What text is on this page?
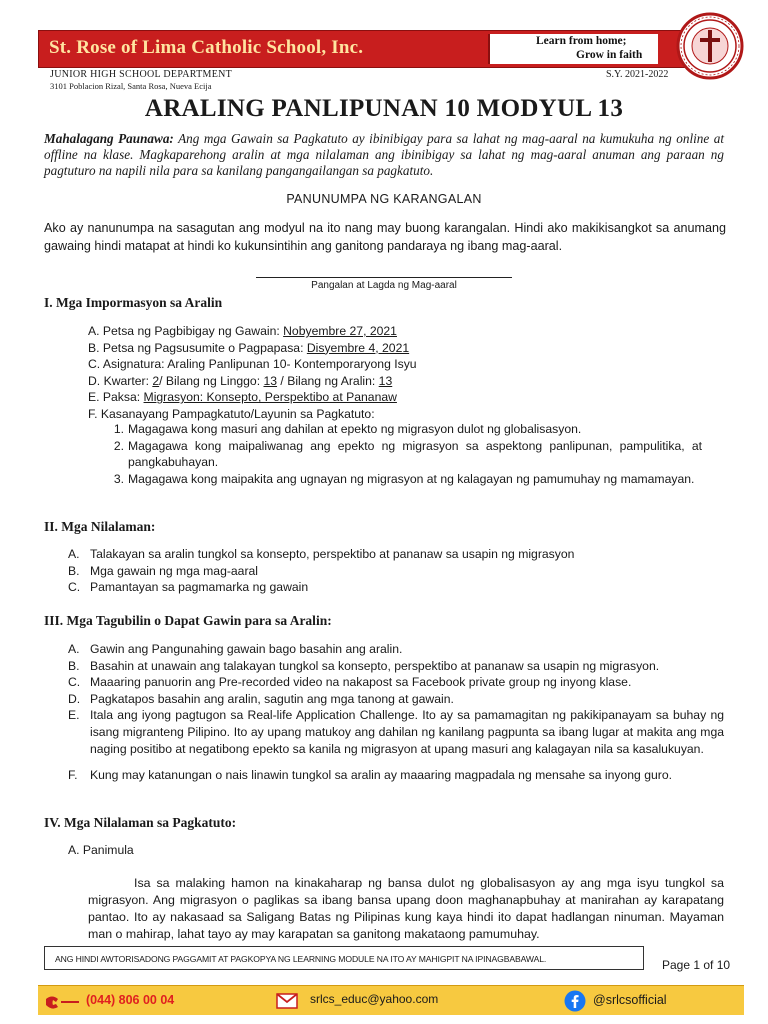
St. Rose of Lima Catholic School, Inc.	Learn from home;
Grow in faith
JUNIOR HIGH SCHOOL DEPARTMENT
3101 Poblacion Rizal, Santa Rosa, Nueva Ecija
S.Y. 2021-2022
ARALING PANLIPUNAN 10 MODYUL 13
Mahalagang Paunawa: Ang mga Gawain sa Pagkatuto ay ibinibigay para sa lahat ng mag-aaral na kumukuha ng online at offline na klase. Magkaparehong aralin at mga nilalaman ang ibinibigay sa lahat ng mag-aaral anuman ang paraan ng pagtuturo na napili nila para sa kanilang pangangailangan sa pagkatuto.
PANUNUMPA NG KARANGALAN
Ako ay nanunumpa na sasagutan ang modyul na ito nang may buong karangalan. Hindi ako makikisangkot sa anumang gawaing hindi matapat at hindi ko kukunsintihin ang ganitong pandaraya ng ibang mag-aaral.
Pangalan at Lagda ng Mag-aaral
I. Mga Impormasyon sa Aralin
A. Petsa ng Pagbibigay ng Gawain: Nobyembre 27, 2021
B. Petsa ng Pagsusumite o Pagpapasa: Disyembre 4, 2021
C. Asignatura: Araling Panlipunan 10- Kontemporaryong Isyu
D. Kwarter: 2/ Bilang ng Linggo: 13 / Bilang ng Aralin: 13
E. Paksa: Migrasyon: Konsepto, Perspektibo at Pananaw
F. Kasanayang Pampagkatuto/Layunin sa Pagkatuto:
1. Magagawa kong masuri ang dahilan at epekto ng migrasyon dulot ng globalisasyon.
2. Magagawa kong maipaliwanag ang epekto ng migrasyon sa aspektong panlipunan, pampulitika, at pangkabuhayan.
3. Magagawa kong maipakita ang ugnayan ng migrasyon at ng kalagayan ng pamumuhay ng mamamayan.
II. Mga Nilalaman:
A. Talakayan sa aralin tungkol sa konsepto, perspektibo at pananaw sa usapin ng migrasyon
B. Mga gawain ng mga mag-aaral
C. Pamantayan sa pagmamarka ng gawain
III. Mga Tagubilin o Dapat Gawin para sa Aralin:
A. Gawin ang Pangunahing gawain bago basahin ang aralin.
B. Basahin at unawain ang talakayan tungkol sa konsepto, perspektibo at pananaw sa usapin ng migrasyon.
C. Maaaring panuorin ang Pre-recorded video na nakapost sa Facebook private group ng inyong klase.
D. Pagkatapos basahin ang aralin, sagutin ang mga tanong at gawain.
E. Itala ang iyong pagtugon sa Real-life Application Challenge. Ito ay sa pamamagitan ng pakikipanayam sa buhay ng isang migranteng Pilipino. Ito ay upang matukoy ang dahilan ng kanilang pagpunta sa ibang lugar at makita ang mga naging positibo at negatibong epekto sa kanila ng migrasyon at upang masuri ang kalagayan nila sa kasalukuyan.
F.	Kung may katanungan o nais linawin tungkol sa aralin ay maaaring magpadala ng mensahe sa inyong guro.
IV. Mga Nilalaman sa Pagkatuto:
A. Panimula
Isa sa malaking hamon na kinakaharap ng bansa dulot ng globalisasyon ay ang mga isyu tungkol sa migrasyon. Ang migrasyon o paglikas sa ibang bansa upang doon maghanapbuhay at manirahan ay karapatang pantao. Ito ay nakasaad sa Saligang Batas ng Pilipinas kung kaya hindi ito dapat hadlangan ninuman. Mayaman man o mahirap, lahat tayo ay may karapatan sa ganitong makataong pamumuhay.
ANG HINDI AWTORISADONG PAGGAMIT AT PAGKOPYA NG LEARNING MODULE NA ITO AY MAHIGPIT NA IPINAGBABAWAL.	Page 1 of 10
(044) 806 00 04	srlcs_educ@yahoo.com	@srlcsofficial
